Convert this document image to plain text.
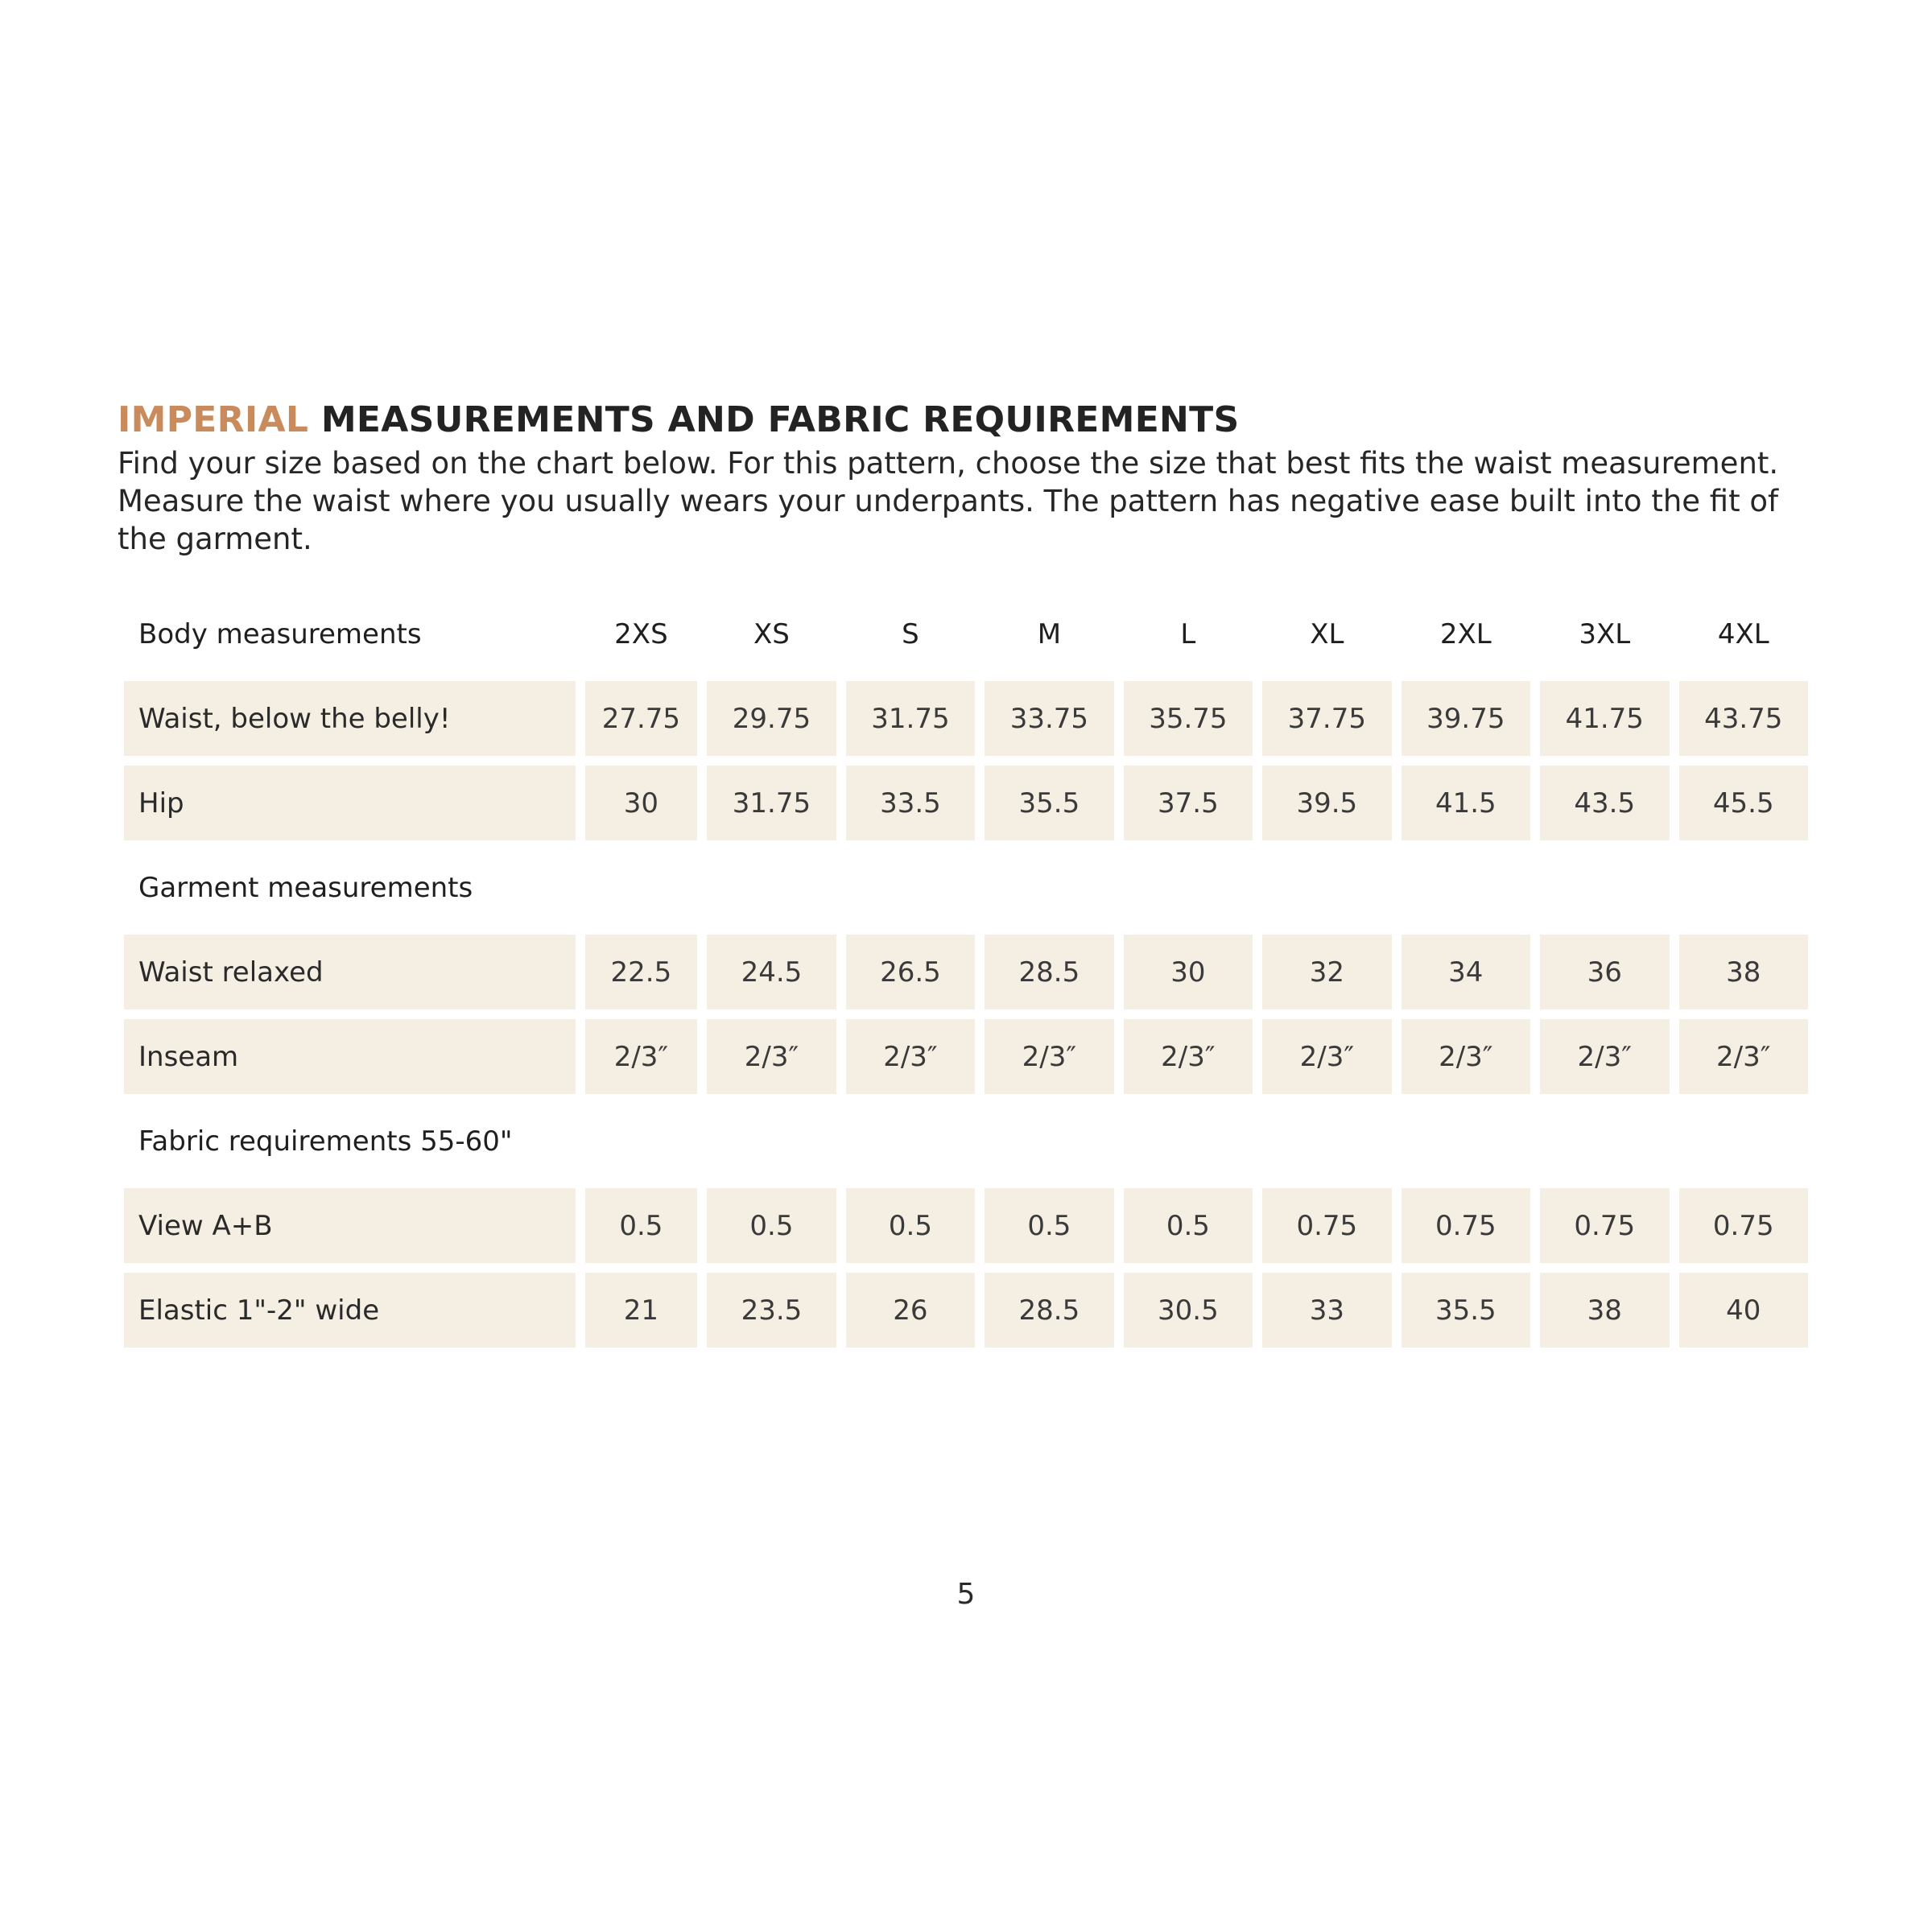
IMPERIAL MEASUREMENTS AND FABRIC REQUIREMENTS

Find your size based on the chart below. For this pattern, choose the size that best fits the waist measurement. Measure the waist where you usually wears your underpants. The pattern has negative ease built into the fit of the garment.

Body measurements	2XS	XS	S	M	L	XL	2XL	3XL	4XL
Waist, below the belly!	27.75	29.75	31.75	33.75	35.75	37.75	39.75	41.75	43.75
Hip	30	31.75	33.5	35.5	37.5	39.5	41.5	43.5	45.5
Garment measurements									
Waist relaxed	22.5	24.5	26.5	28.5	30	32	34	36	38
Inseam	2/3″	2/3″	2/3″	2/3″	2/3″	2/3″	2/3″	2/3″	2/3″
Fabric requirements 55-60"									
View A+B	0.5	0.5	0.5	0.5	0.5	0.75	0.75	0.75	0.75
Elastic 1"-2" wide	21	23.5	26	28.5	30.5	33	35.5	38	40
5
